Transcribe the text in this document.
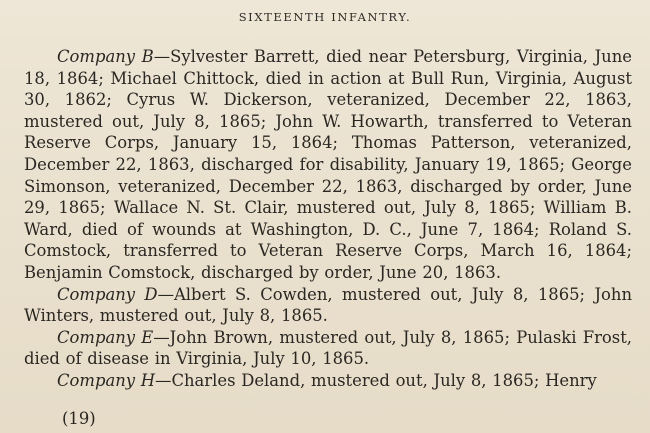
SIXTEENTH INFANTRY.

Company B—Sylvester Barrett, died near Petersburg, Virginia, June 18, 1864; Michael Chittock, died in action at Bull Run, Virginia, August 30, 1862; Cyrus W. Dickerson, veteranized, December 22, 1863, mustered out, July 8, 1865; John W. Howarth, transferred to Veteran Reserve Corps, January 15, 1864; Thomas Patterson, veteranized, December 22, 1863, discharged for disability, January 19, 1865; George Simonson, veteranized, December 22, 1863, discharged by order, June 29, 1865; Wallace N. St. Clair, mustered out, July 8, 1865; William B. Ward, died of wounds at Washington, D. C., June 7, 1864; Roland S. Comstock, transferred to Veteran Reserve Corps, March 16, 1864; Benjamin Comstock, discharged by order, June 20, 1863.

Company D—Albert S. Cowden, mustered out, July 8, 1865; John Winters, mustered out, July 8, 1865.

Company E—John Brown, mustered out, July 8, 1865; Pulaski Frost, died of disease in Virginia, July 10, 1865.

Company H—Charles Deland, mustered out, July 8, 1865; Henry

(19)
